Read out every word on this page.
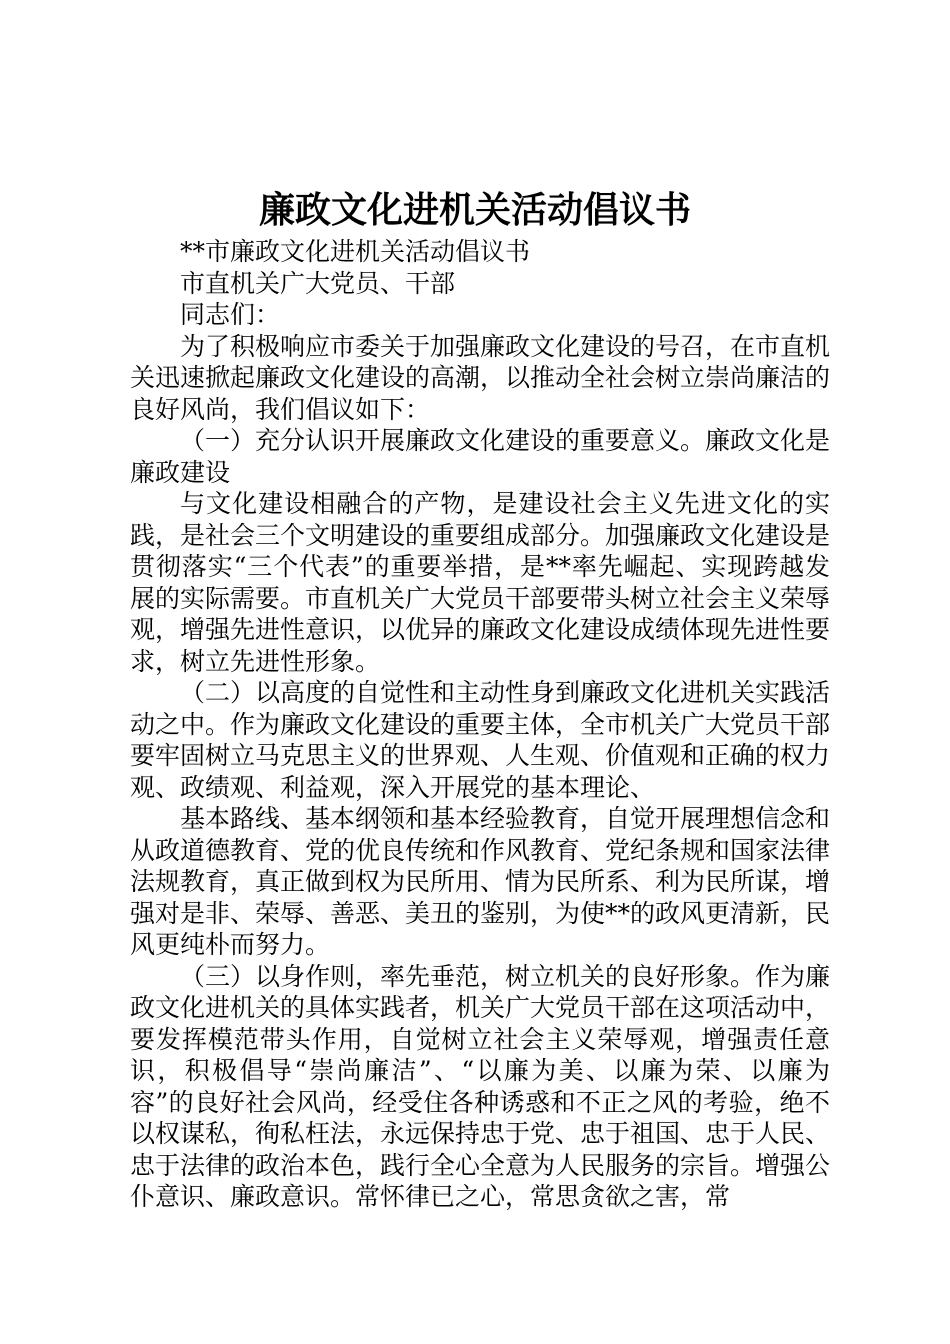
廉政文化进机关活动倡议书

**市廉政文化进机关活动倡议书

市直机关广大党员、干部

同志们：

为了积极响应市委关于加强廉政文化建设的号召，在市直机关迅速掀起廉政文化建设的高潮，以推动全社会树立崇尚廉洁的良好风尚，我们倡议如下：

（一）充分认识开展廉政文化建设的重要意义。廉政文化是廉政建设

与文化建设相融合的产物，是建设社会主义先进文化的实践，是社会三个文明建设的重要组成部分。加强廉政文化建设是贯彻落实“三个代表”的重要举措，是**率先崛起、实现跨越发展的实际需要。市直机关广大党员干部要带头树立社会主义荣辱观，增强先进性意识，以优异的廉政文化建设成绩体现先进性要求，树立先进性形象。

（二）以高度的自觉性和主动性身到廉政文化进机关实践活动之中。作为廉政文化建设的重要主体，全市机关广大党员干部要牢固树立马克思主义的世界观、人生观、价值观和正确的权力观、政绩观、利益观，深入开展党的基本理论、

基本路线、基本纲领和基本经验教育，自觉开展理想信念和从政道德教育、党的优良传统和作风教育、党纪条规和国家法律法规教育，真正做到权为民所用、情为民所系、利为民所谋，增强对是非、荣辱、善恶、美丑的鉴别，为使**的政风更清新，民风更纯朴而努力。

（三）以身作则，率先垂范，树立机关的良好形象。作为廉政文化进机关的具体实践者，机关广大党员干部在这项活动中，要发挥模范带头作用，自觉树立社会主义荣辱观，增强责任意识，积极倡导“崇尚廉洁”、“以廉为美、以廉为荣、以廉为容”的良好社会风尚，经受住各种诱惑和不正之风的考验，绝不以权谋私，徇私枉法，永远保持忠于党、忠于祖国、忠于人民、忠于法律的政治本色，践行全心全意为人民服务的宗旨。增强公仆意识、廉政意识。常怀律已之心，常思贪欲之害，常
